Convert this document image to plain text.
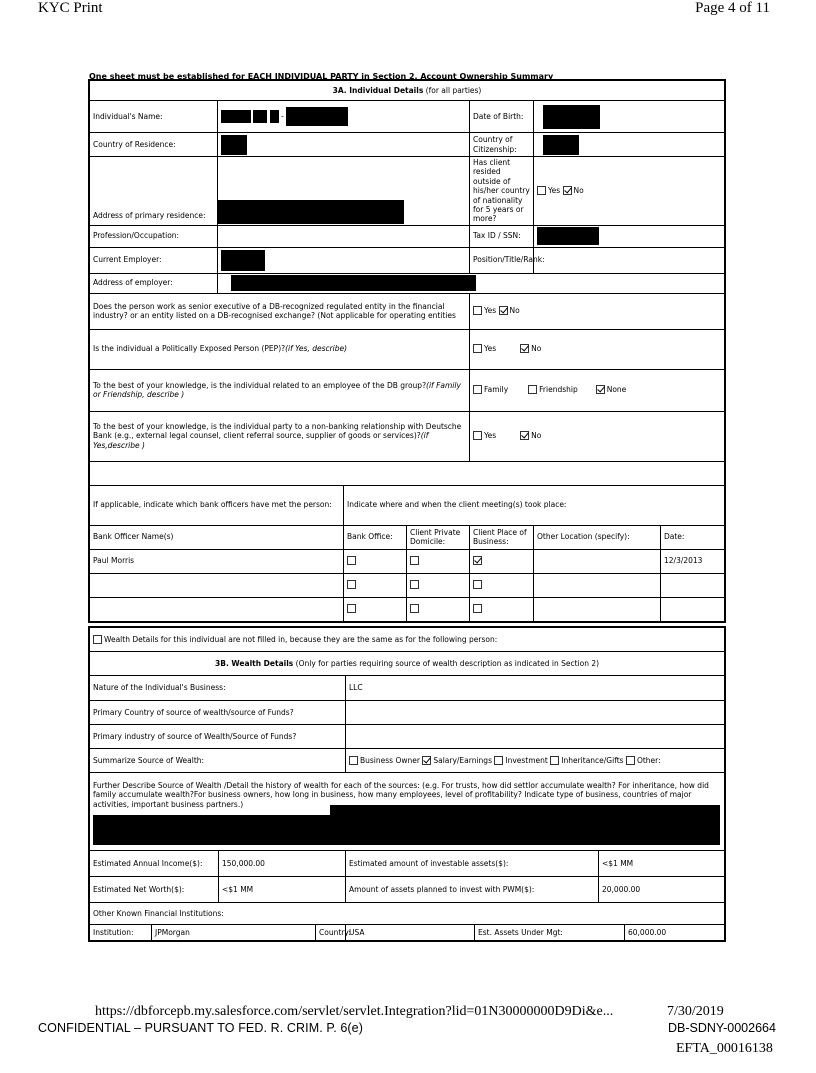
KYC Print	Page 4 of 11
One sheet must be established for EACH INDIVIDUAL PARTY in Section 2. Account Ownership Summary
3A. Individual Details (for all parties)						
Individual's Name:	-			Date of Birth:		
Country of Residence:				Country of Citizenship:		
Address of primary residence:				Has client resided outside of his/her country of nationality for 5 years or more?	Yes No	
Profession/Occupation:				Tax ID / SSN:		
Current Employer:				Position/Title/Rank:		
Address of employer:						
Does the person work as senior executive of a DB-recognized regulated entity in the financial industry? or an entity listed on a DB-recognised exchange? (Not applicable for operating entities				Yes No		
Is the individual a Politically Exposed Person (PEP)?(if Yes, describe)				Yes No		
To the best of your knowledge, is the individual related to an employee of the DB group?(if Family or Friendship, describe )				Family Friendship None		
To the best of your knowledge, is the individual party to a non-banking relationship with Deutsche Bank (e.g., external legal counsel, client referral source, supplier of goods or services)?(if Yes,describe )				Yes No		

If applicable, indicate which bank officers have met the person:		Indicate where and when the client meeting(s) took place:				
Bank Officer Name(s)		Bank Office:	Client Private Domicile:	Client Place of Business:	Other Location (specify):	Date:
Paul Morris						12/3/2013

Wealth Details for this individual are not filled in, because they are the same as for the following person:							
3B. Wealth Details (Only for parties requiring source of wealth description as indicated in Section 2)							
Nature of the Individual's Business:				LLC			
Primary Country of source of wealth/source of Funds?							
Primary industry of source of Wealth/Source of Funds?							
Summarize Source of Wealth:				Business Owner Salary/Earnings Investment Inheritance/Gifts Other:			
Further Describe Source of Wealth /Detail the history of wealth for each of the sources: (e.g. For trusts, how did settlor accumulate wealth? For inheritance, how did family accumulate wealth?For business owners, how long in business, how many employees, level of profitability? Indicate type of business, countries of major activities, important business partners.)							

Estimated Annual Income($):		150,000.00		Estimated amount of investable assets($):		<$1 MM	
Estimated Net Worth($):		<$1 MM		Amount of assets planned to invest with PWM($):		20,000.00	
Other Known Financial Institutions:							
Institution:	JPMorgan		Country:	USA	Est. Assets Under Mgt:		60,000.00
https://dbforcepb.my.salesforce.com/servlet/servlet.Integration?lid=01N30000000D9Di&e...	7/30/2019
CONFIDENTIAL – PURSUANT TO FED. R. CRIM. P. 6(e)	DB-SDNY-0002664
EFTA_00016138
